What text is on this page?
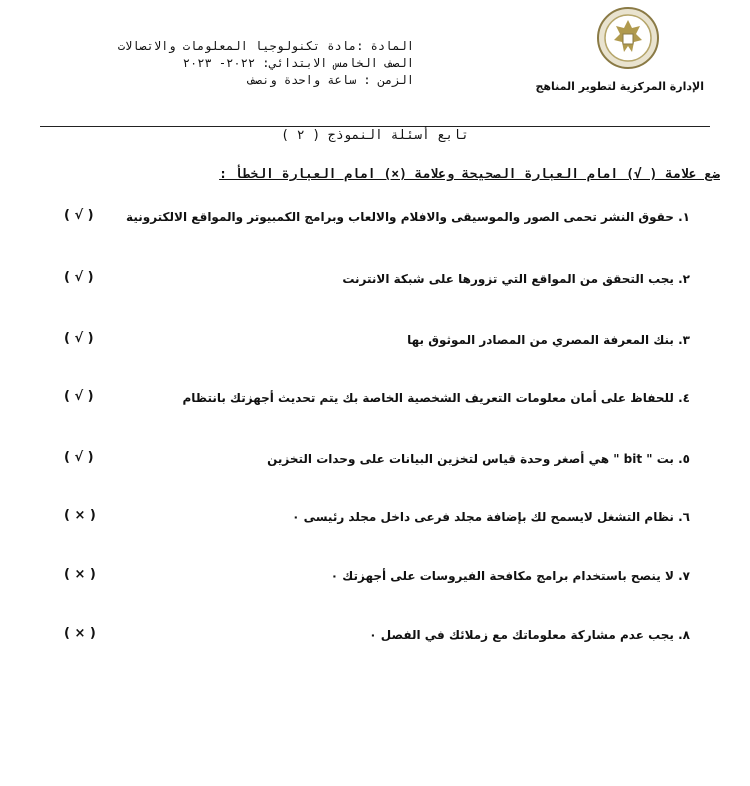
الإدارة المركزية لتطوير المناهج
المادة :مادة تكنولوجيا المعلومات والاتصالات
الصف الخامس الابتدائي: ٢٠٢٢- ٢٠٢٣
الزمن : ساعة واحدة ونصف
تابع أسئلة النموذج ( ٢ )
ضع علامة ( √) امام العبارة الصحيحة وعلامة (×) امام العبارة الخطأ :
١. حقوق النشر تحمى الصور والموسيقى والافلام والالعاب وبرامج الكمبيوتر والمواقع الالكترونية
( √ )
٢. يجب التحقق من المواقع التي تزورها على شبكة الانترنت
( √ )
٣. بنك المعرفة المصري من المصادر الموثوق بها
( √ )
٤. للحفاظ على أمان معلومات التعريف الشخصية الخاصة بك يتم تحديث أجهزتك بانتظام
( √ )
٥. بت " bit " هي أصغر وحدة قياس لتخزين البيانات على وحدات التخزين
( √ )
٦. نظام التشغل لايسمح لك بإضافة مجلد فرعى داخل مجلد رئيسى ٠
( × )
٧. لا ينصح باستخدام برامج مكافحة الفيروسات على أجهزتك ٠
( × )
٨. يجب عدم مشاركة معلوماتك مع زملائك في الفصل ٠
( × )
